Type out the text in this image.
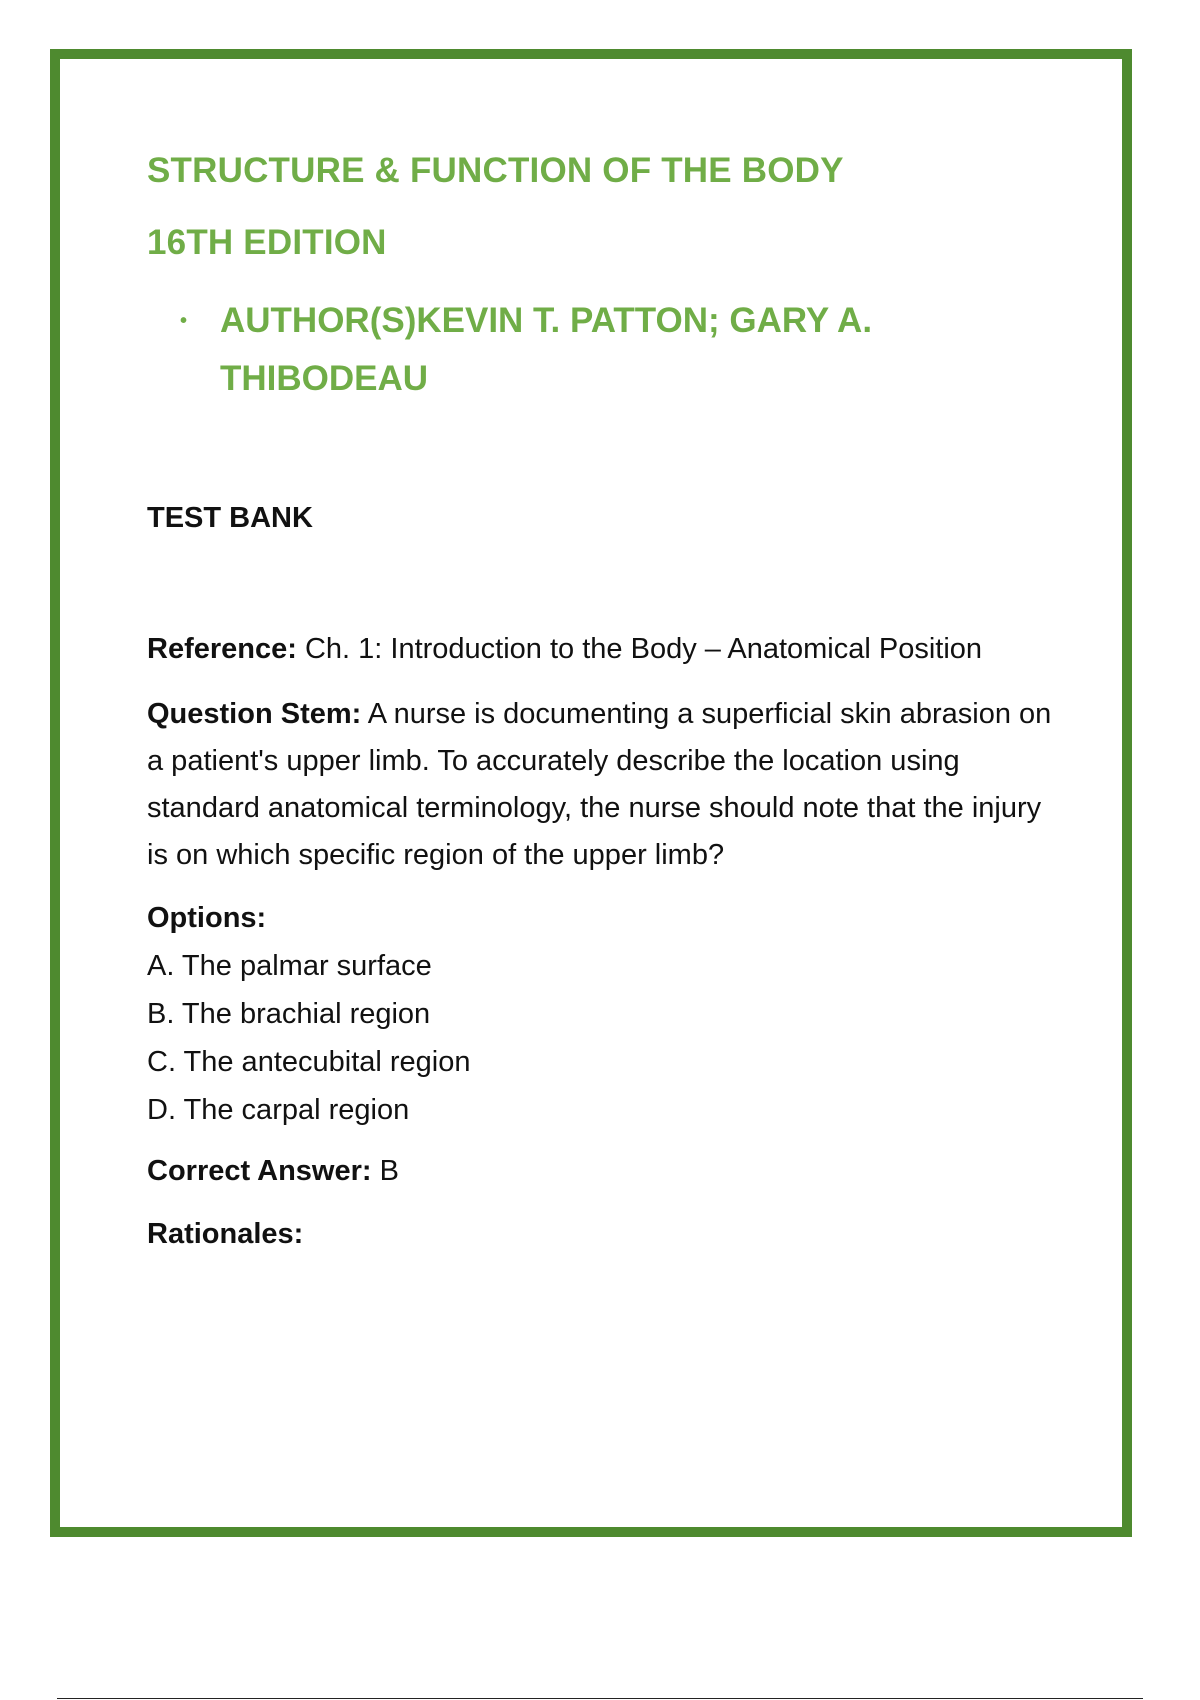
STRUCTURE & FUNCTION OF THE BODY
16TH EDITION
• AUTHOR(S)KEVIN T. PATTON; GARY A. THIBODEAU
TEST BANK

Reference: Ch. 1: Introduction to the Body – Anatomical Position

Question Stem: A nurse is documenting a superficial skin abrasion on a patient's upper limb. To accurately describe the location using standard anatomical terminology, the nurse should note that the injury is on which specific region of the upper limb?

Options:

A. The palmar surface

B. The brachial region

C. The antecubital region

D. The carpal region

Correct Answer: B

Rationales:
